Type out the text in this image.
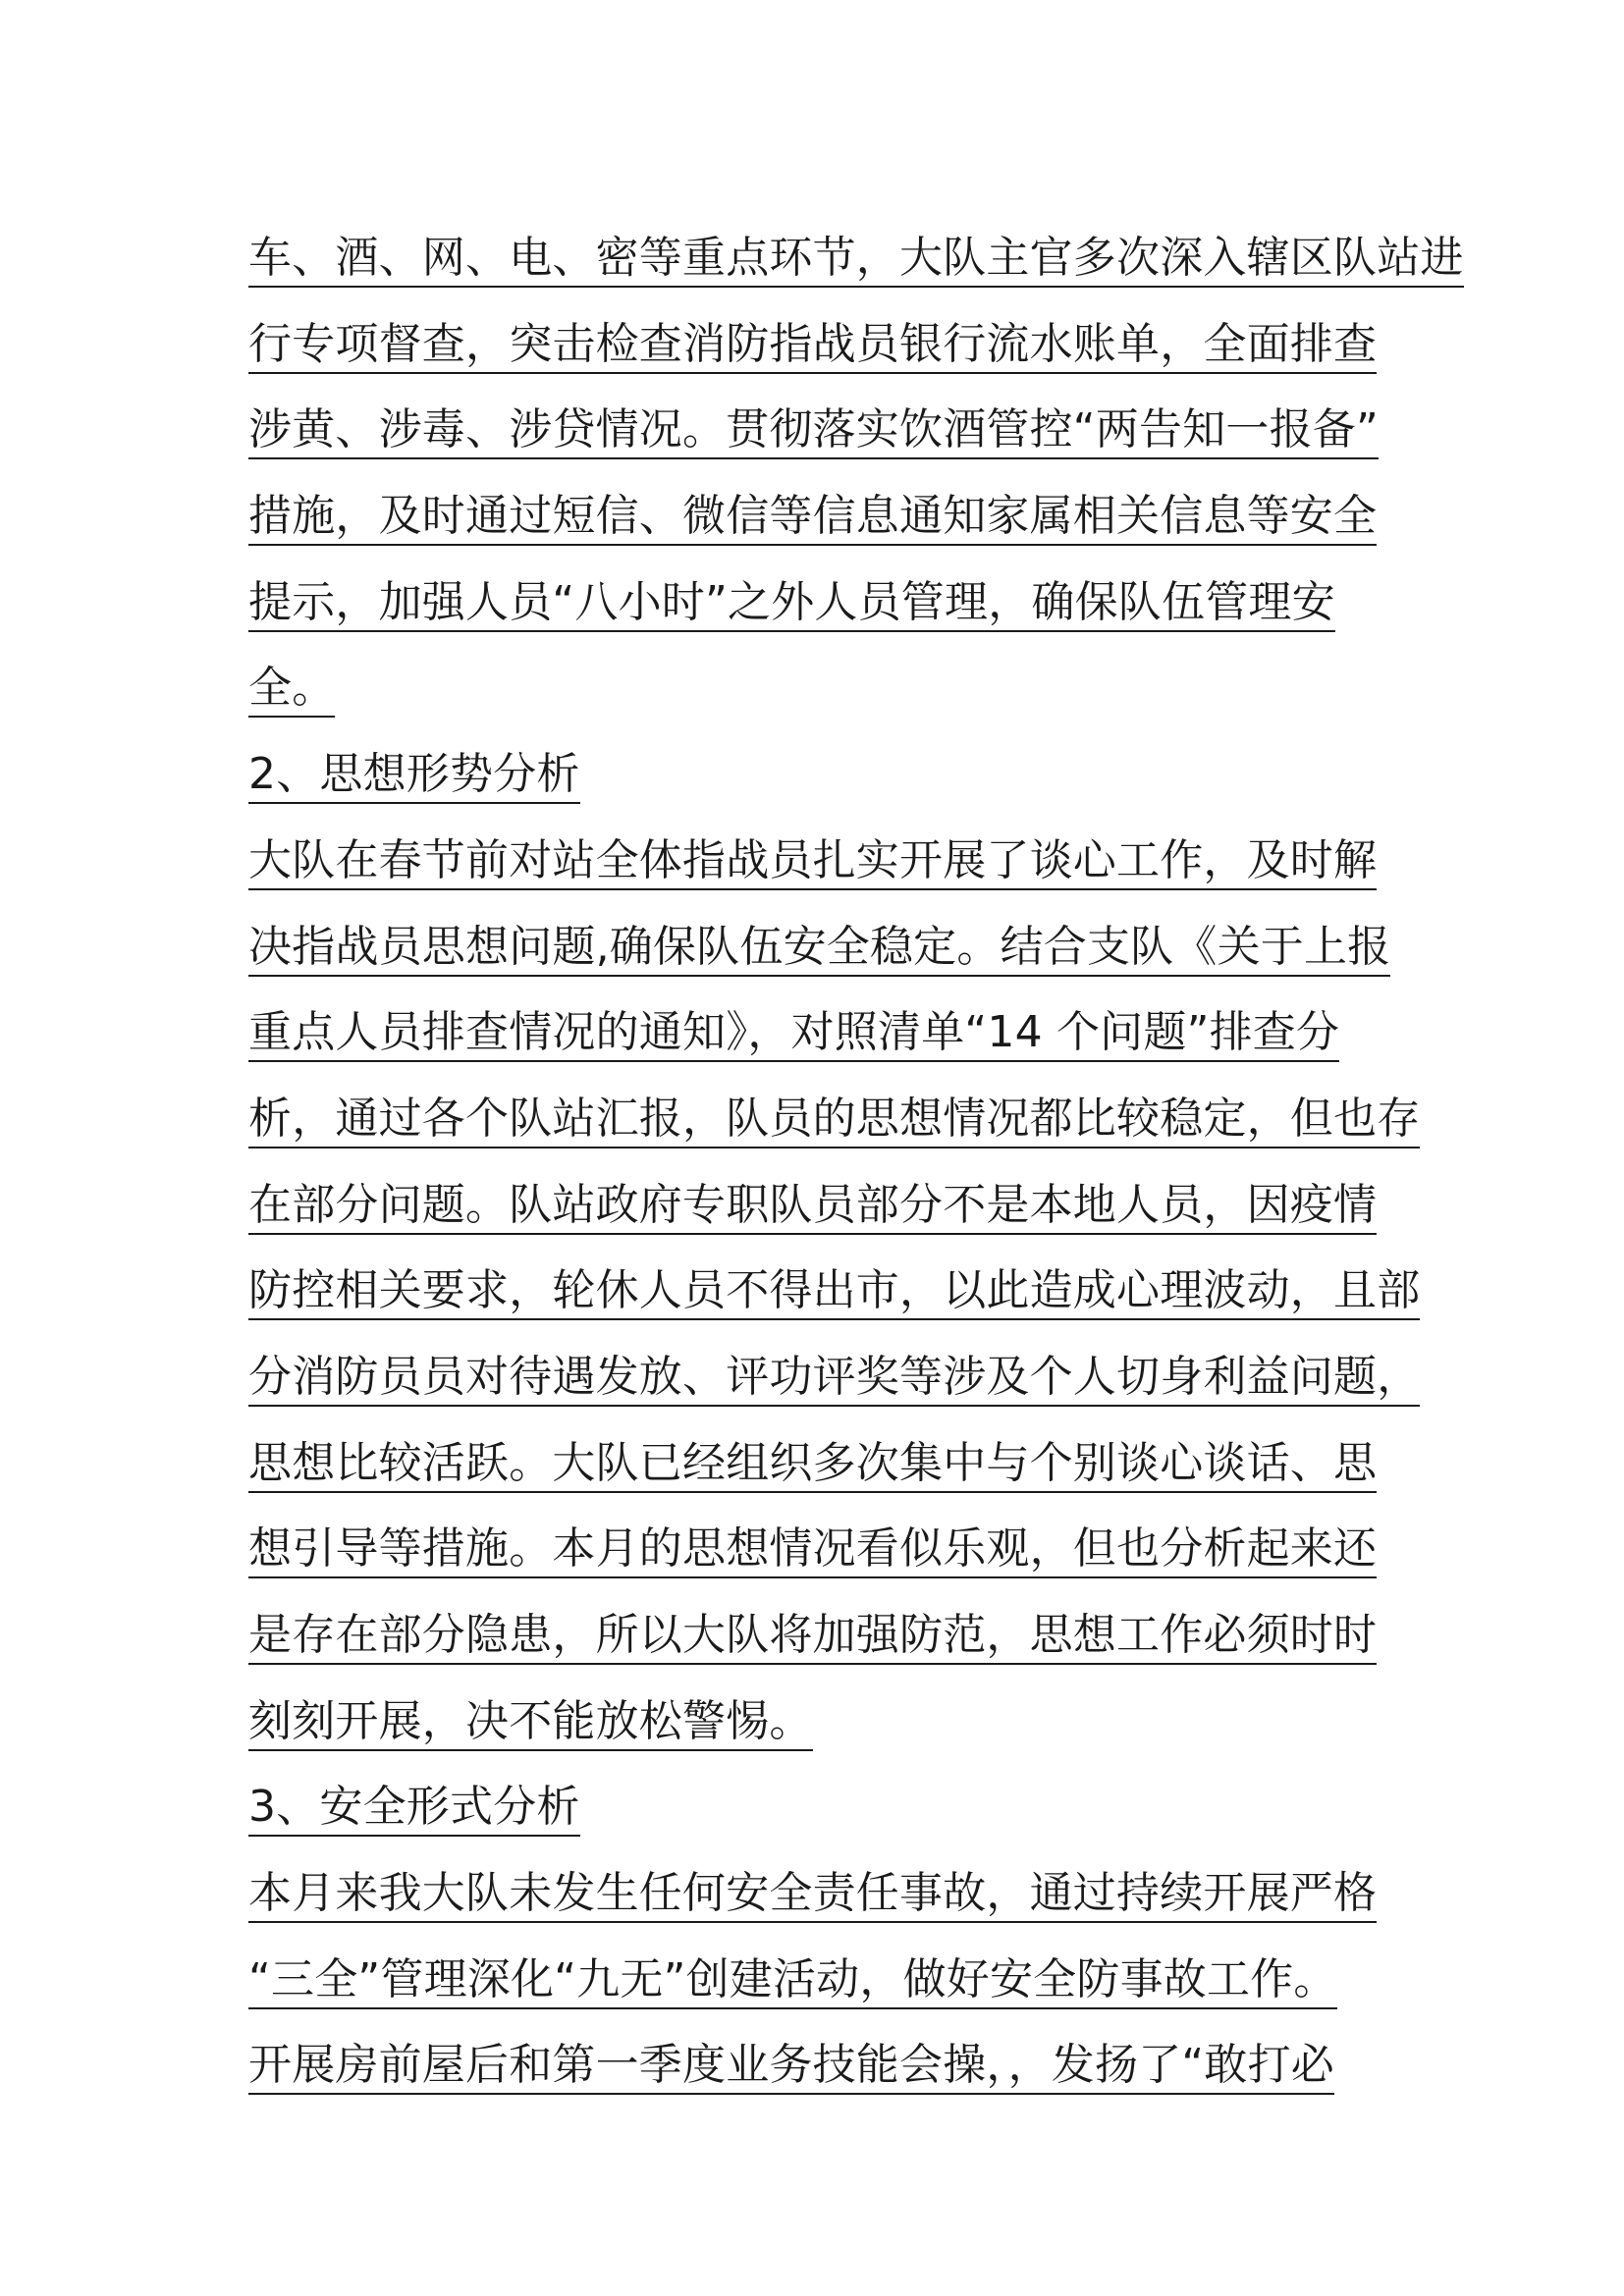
车、酒、网、电、密等重点环节，大队主官多次深入辖区队站进
行专项督查，突击检查消防指战员银行流水账单，全面排查
涉黄、涉毒、涉贷情况。贯彻落实饮酒管控“两告知一报备”
措施，及时通过短信、微信等信息通知家属相关信息等安全
提示，加强人员“八小时”之外人员管理，确保队伍管理安
全。
2、思想形势分析
大队在春节前对站全体指战员扎实开展了谈心工作，及时解
决指战员思想问题,确保队伍安全稳定。结合支队《关于上报
重点人员排查情况的通知》，对照清单“14 个问题”排查分
析，通过各个队站汇报，队员的思想情况都比较稳定，但也存
在部分问题。队站政府专职队员部分不是本地人员，因疫情
防控相关要求，轮休人员不得出市，以此造成心理波动，且部
分消防员员对待遇发放、评功评奖等涉及个人切身利益问题，
思想比较活跃。大队已经组织多次集中与个别谈心谈话、思
想引导等措施。本月的思想情况看似乐观，但也分析起来还
是存在部分隐患，所以大队将加强防范，思想工作必须时时
刻刻开展，决不能放松警惕。
3、安全形式分析
本月来我大队未发生任何安全责任事故，通过持续开展严格
“三全”管理深化“九无”创建活动，做好安全防事故工作。
开展房前屋后和第一季度业务技能会操，，发扬了“敢打必
